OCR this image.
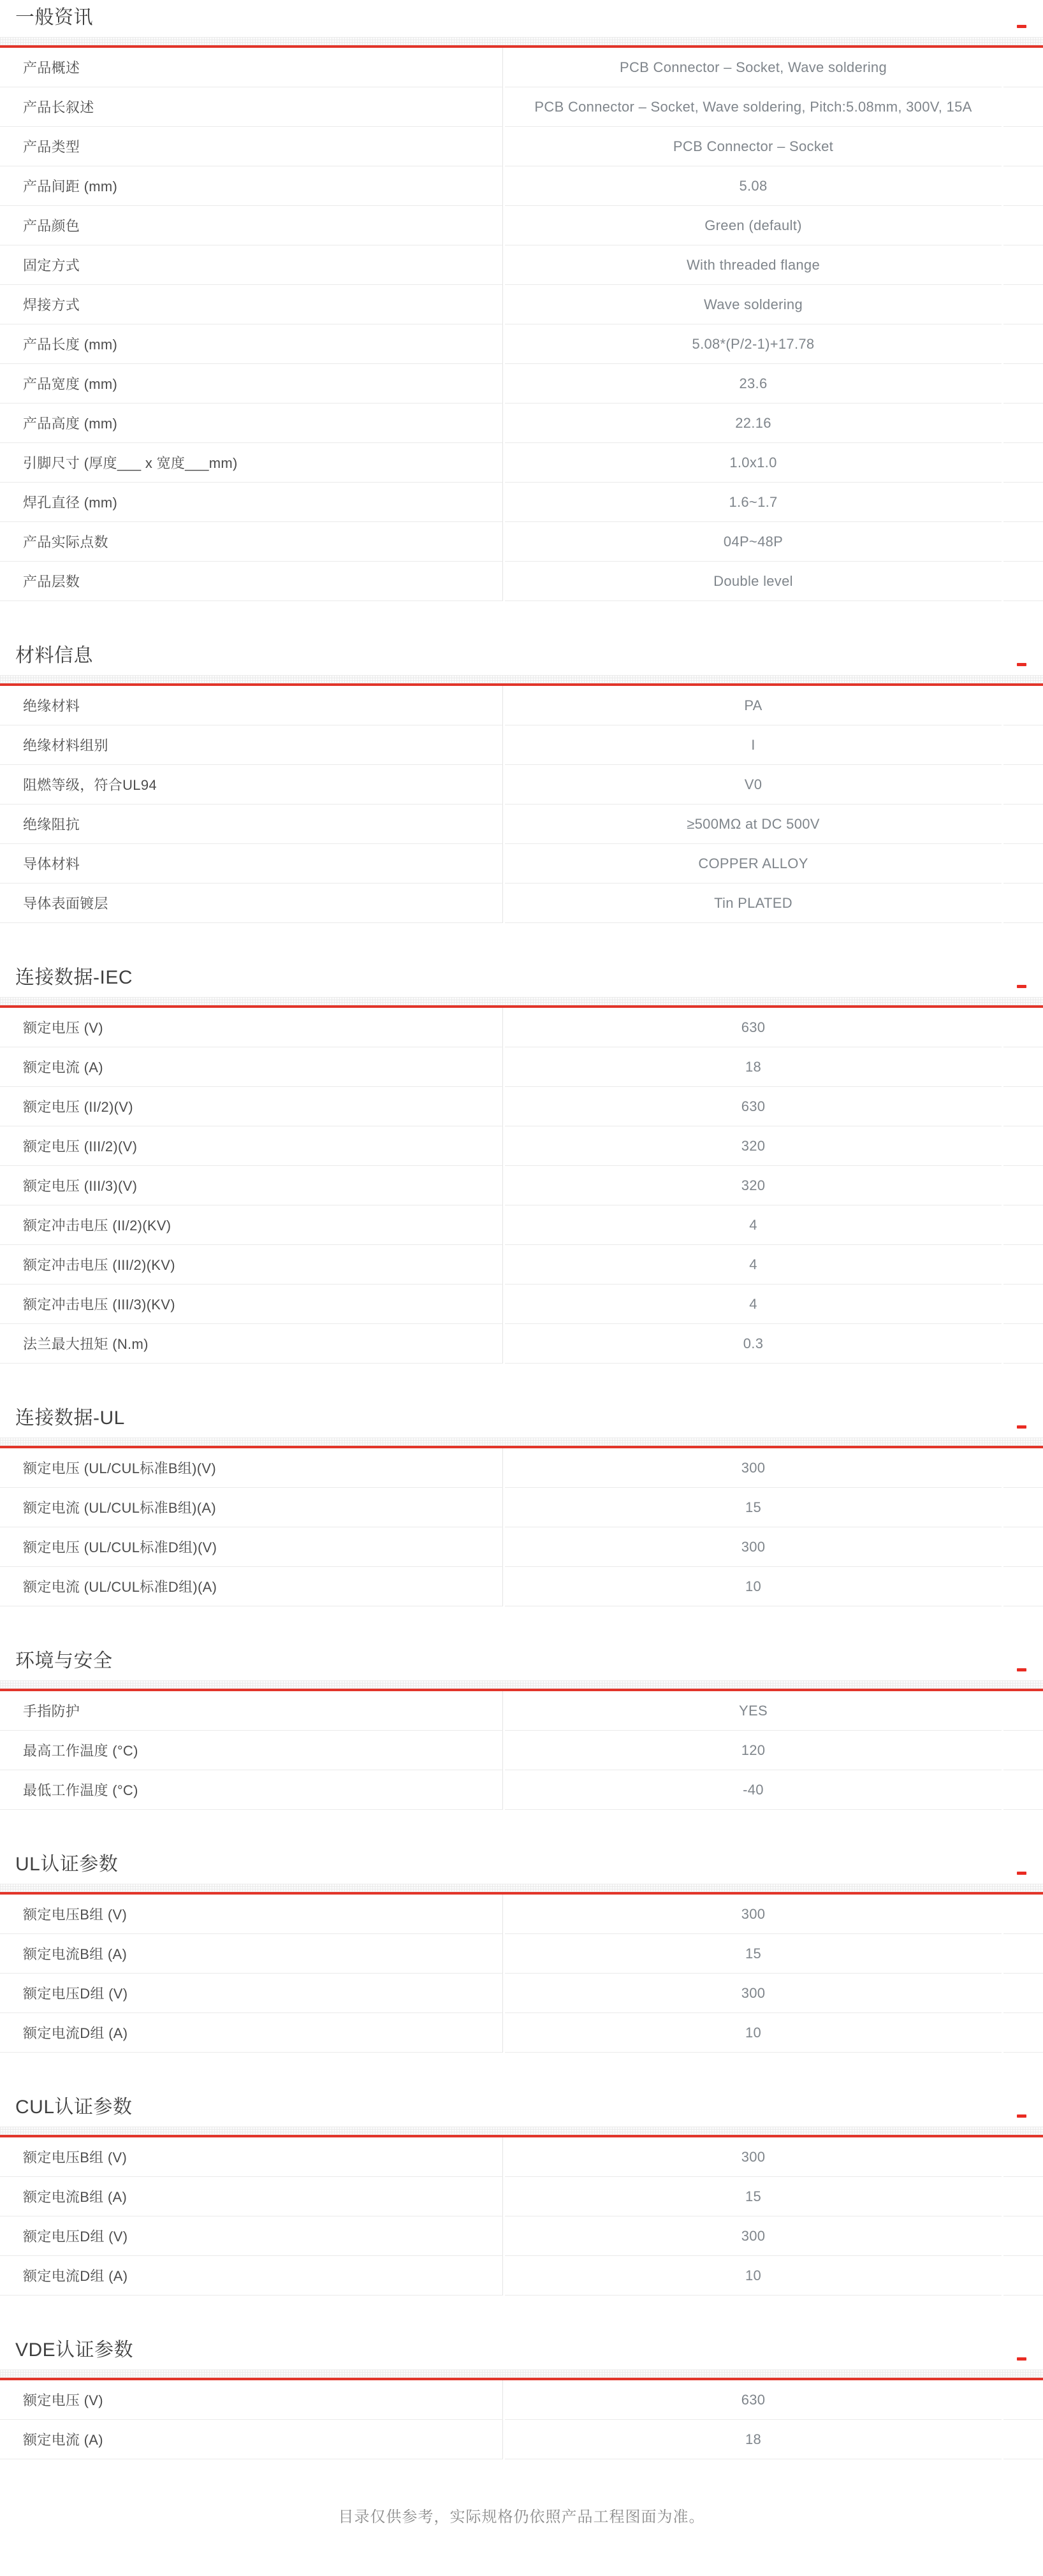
一般资讯
产品概述	PCB Connector – Socket, Wave soldering
产品长叙述	PCB Connector – Socket, Wave soldering, Pitch:5.08mm, 300V, 15A
产品类型	PCB Connector – Socket
产品间距 (mm)	5.08
产品颜色	Green (default)
固定方式	With threaded flange
焊接方式	Wave soldering
产品长度 (mm)	5.08*(P/2-1)+17.78
产品宽度 (mm)	23.6
产品高度 (mm)	22.16
引脚尺寸 (厚度___ x 宽度___mm)	1.0x1.0
焊孔直径 (mm)	1.6~1.7
产品实际点数	04P~48P
产品层数	Double level
材料信息
绝缘材料	PA
绝缘材料组别	I
阻燃等级，符合UL94	V0
绝缘阻抗	≥500MΩ at DC 500V
导体材料	COPPER ALLOY
导体表面镀层	Tin PLATED
连接数据-IEC
额定电压 (V)	630
额定电流 (A)	18
额定电压 (II/2)(V)	630
额定电压 (III/2)(V)	320
额定电压 (III/3)(V)	320
额定冲击电压 (II/2)(KV)	4
额定冲击电压 (III/2)(KV)	4
额定冲击电压 (III/3)(KV)	4
法兰最大扭矩 (N.m)	0.3
连接数据-UL
额定电压 (UL/CUL标准B组)(V)	300
额定电流 (UL/CUL标准B组)(A)	15
额定电压 (UL/CUL标准D组)(V)	300
额定电流 (UL/CUL标准D组)(A)	10
环境与安全
手指防护	YES
最高工作温度 (°C)	120
最低工作温度 (°C)	-40
UL认证参数
额定电压B组 (V)	300
额定电流B组 (A)	15
额定电压D组 (V)	300
额定电流D组 (A)	10
CUL认证参数
额定电压B组 (V)	300
额定电流B组 (A)	15
额定电压D组 (V)	300
额定电流D组 (A)	10
VDE认证参数
额定电压 (V)	630
额定电流 (A)	18
目录仅供参考，实际规格仍依照产品工程图面为准。
